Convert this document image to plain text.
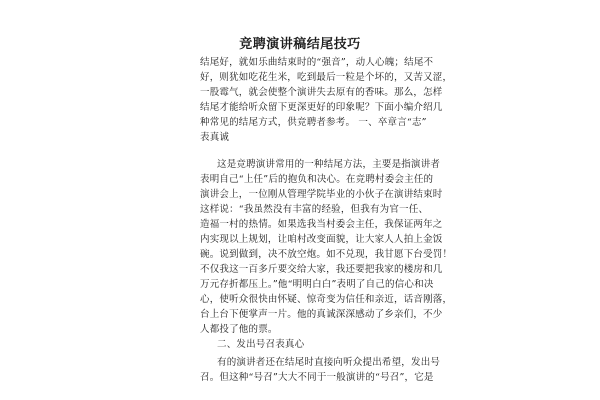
竞聘演讲稿结尾技巧
结尾好，就如乐曲结束时的“强音”，动人心魄；结尾不
好，则犹如吃花生米，吃到最后一粒是个坏的，又苦又涩，
一股霉气，就会使整个演讲失去原有的香味。那么，怎样
结尾才能给听众留下更深更好的印象呢？下面小编介绍几
种常见的结尾方式，供竞聘者参考。 一、卒章言“志”
表真诚
这是竞聘演讲常用的一种结尾方法，主要是指演讲者
表明自己“上任”后的抱负和决心。在竞聘村委会主任的
演讲会上，一位刚从管理学院毕业的小伙子在演讲结束时
这样说：“我虽然没有丰富的经验，但我有为官一任、
造福一村的热情。如果选我当村委会主任，我保证两年之
内实现以上规划，让咱村改变面貌，让大家人人拍上金饭
碗。说到做到，决不放空炮。如不兑现，我甘愿下台受罚！
不仅我这一百多斤要交给大家，我还要把我家的楼房和几
万元存折都压上。”他“明明白白”表明了自己的信心和决
心，使听众很快由怀疑、惊奇变为信任和亲近，话音刚落，
台上台下便掌声一片。他的真诚深深感动了乡亲们，不少
人都投了他的票。
二、发出号召表真心
有的演讲者还在结尾时直接向听众提出希望，发出号
召。但这种“号召”大大不同于一般演讲的“号召”，它是
